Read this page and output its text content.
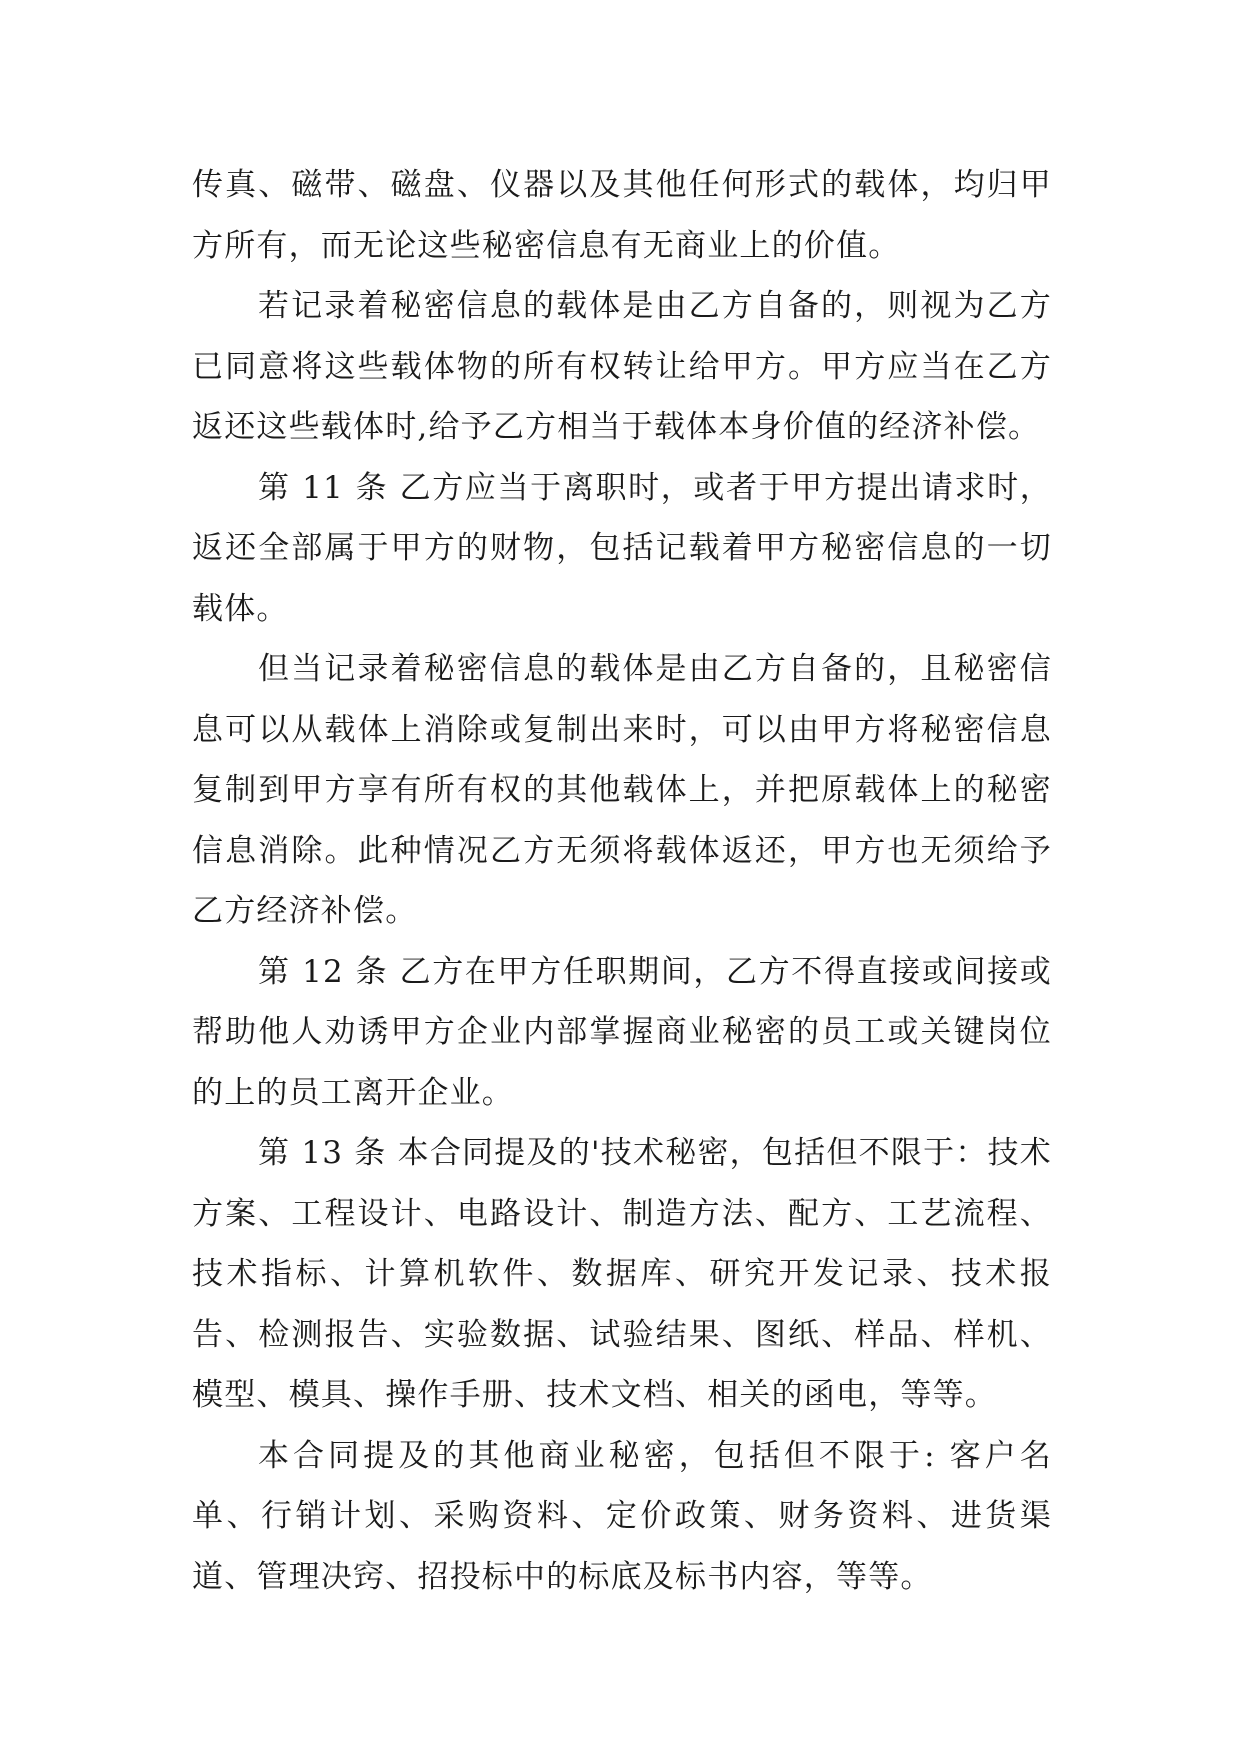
传真、磁带、磁盘、仪器以及其他任何形式的载体，均归甲方所有，而无论这些秘密信息有无商业上的价值。

若记录着秘密信息的载体是由乙方自备的，则视为乙方已同意将这些载体物的所有权转让给甲方。甲方应当在乙方返还这些载体时,给予乙方相当于载体本身价值的经济补偿。

第 11 条 乙方应当于离职时，或者于甲方提出请求时，返还全部属于甲方的财物，包括记载着甲方秘密信息的一切载体。

但当记录着秘密信息的载体是由乙方自备的，且秘密信息可以从载体上消除或复制出来时，可以由甲方将秘密信息复制到甲方享有所有权的其他载体上，并把原载体上的秘密信息消除。此种情况乙方无须将载体返还，甲方也无须给予乙方经济补偿。

第 12 条 乙方在甲方任职期间，乙方不得直接或间接或帮助他人劝诱甲方企业内部掌握商业秘密的员工或关键岗位的上的员工离开企业。

第 13 条 本合同提及的'技术秘密，包括但不限于：技术方案、工程设计、电路设计、制造方法、配方、工艺流程、技术指标、计算机软件、数据库、研究开发记录、技术报告、检测报告、实验数据、试验结果、图纸、样品、样机、模型、模具、操作手册、技术文档、相关的函电，等等。

本合同提及的其他商业秘密，包括但不限于: 客户名单、行销计划、采购资料、定价政策、财务资料、进货渠道、管理决窍、招投标中的标底及标书内容，等等。
